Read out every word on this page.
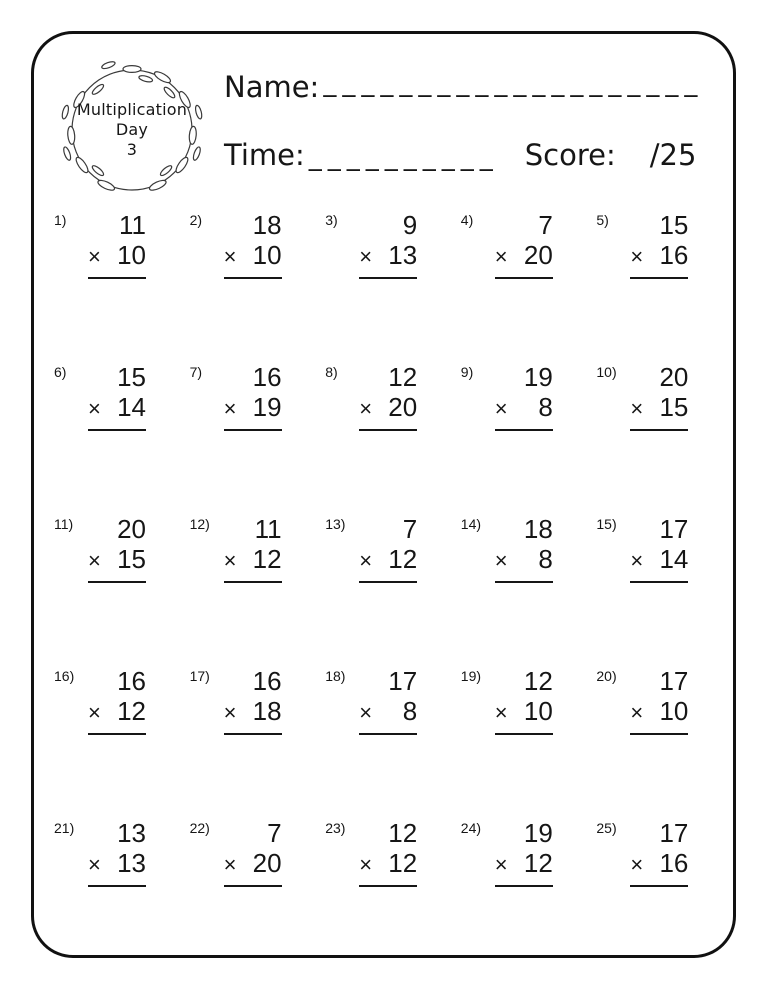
Multiplication
Day
3
Name: ____________________
Time: __________ Score: /25
1)	11
× 10
2)	18
× 10
3)	9
× 13
4)	7
× 20
5)	15
× 16
6)	15
× 14
7)	16
× 19
8)	12
× 20
9)	19
× 8
10)	20
× 15
11)	20
× 15
12)	11
× 12
13)	7
× 12
14)	18
× 8
15)	17
× 14
16)	16
× 12
17)	16
× 18
18)	17
× 8
19)	12
× 10
20)	17
× 10
21)	13
× 13
22)	7
× 20
23)	12
× 12
24)	19
× 12
25)	17
× 16
